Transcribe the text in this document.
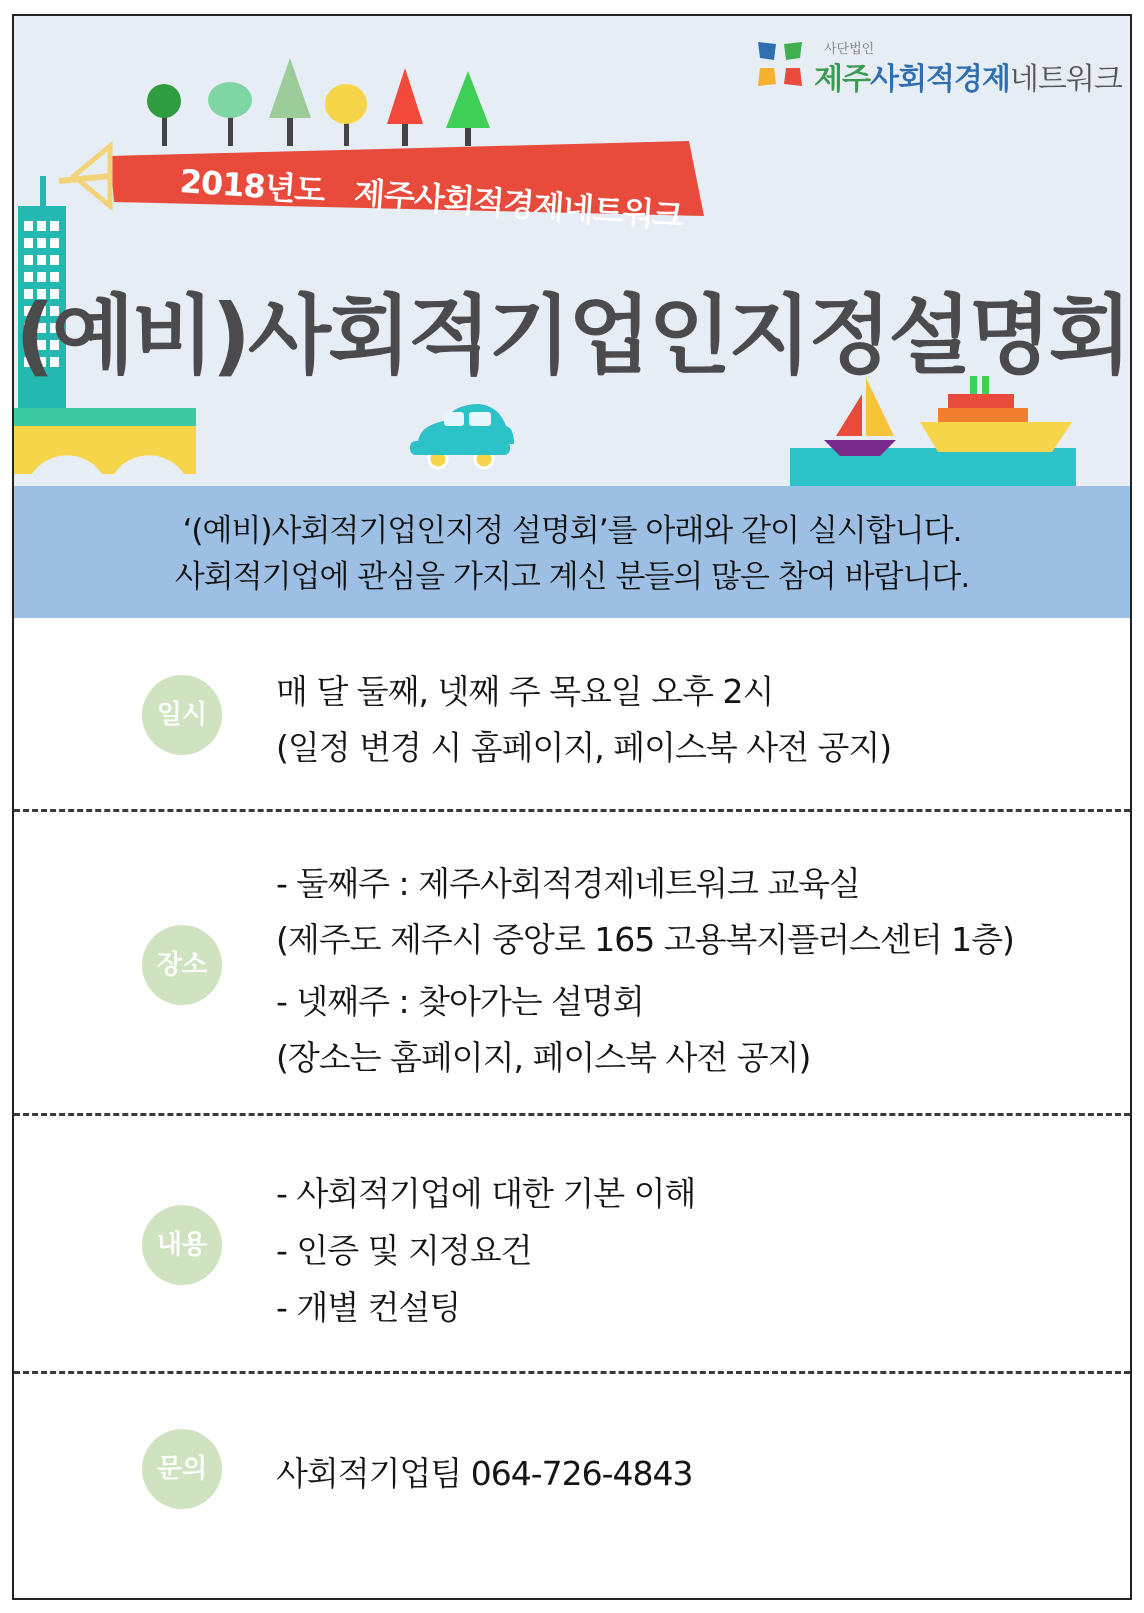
2018년도 제주사회적경제네트워크
사단법인
제주사회적경제네트워크
(예비)사회적기업인지정설명회
‘(예비)사회적기업인지정 설명회’를 아래와 같이 실시합니다.
사회적기업에 관심을 가지고 계신 분들의 많은 참여 바랍니다.
일시
매 달 둘째, 넷째 주 목요일 오후 2시
(일정 변경 시 홈페이지, 페이스북 사전 공지)
장소
- 둘째주 : 제주사회적경제네트워크 교육실
(제주도 제주시 중앙로 165 고용복지플러스센터 1층)
- 넷째주 : 찾아가는 설명회
(장소는 홈페이지, 페이스북 사전 공지)
내용
- 사회적기업에 대한 기본 이해
- 인증 및 지정요건
- 개별 컨설팅
문의	사회적기업팀 064-726-4843
